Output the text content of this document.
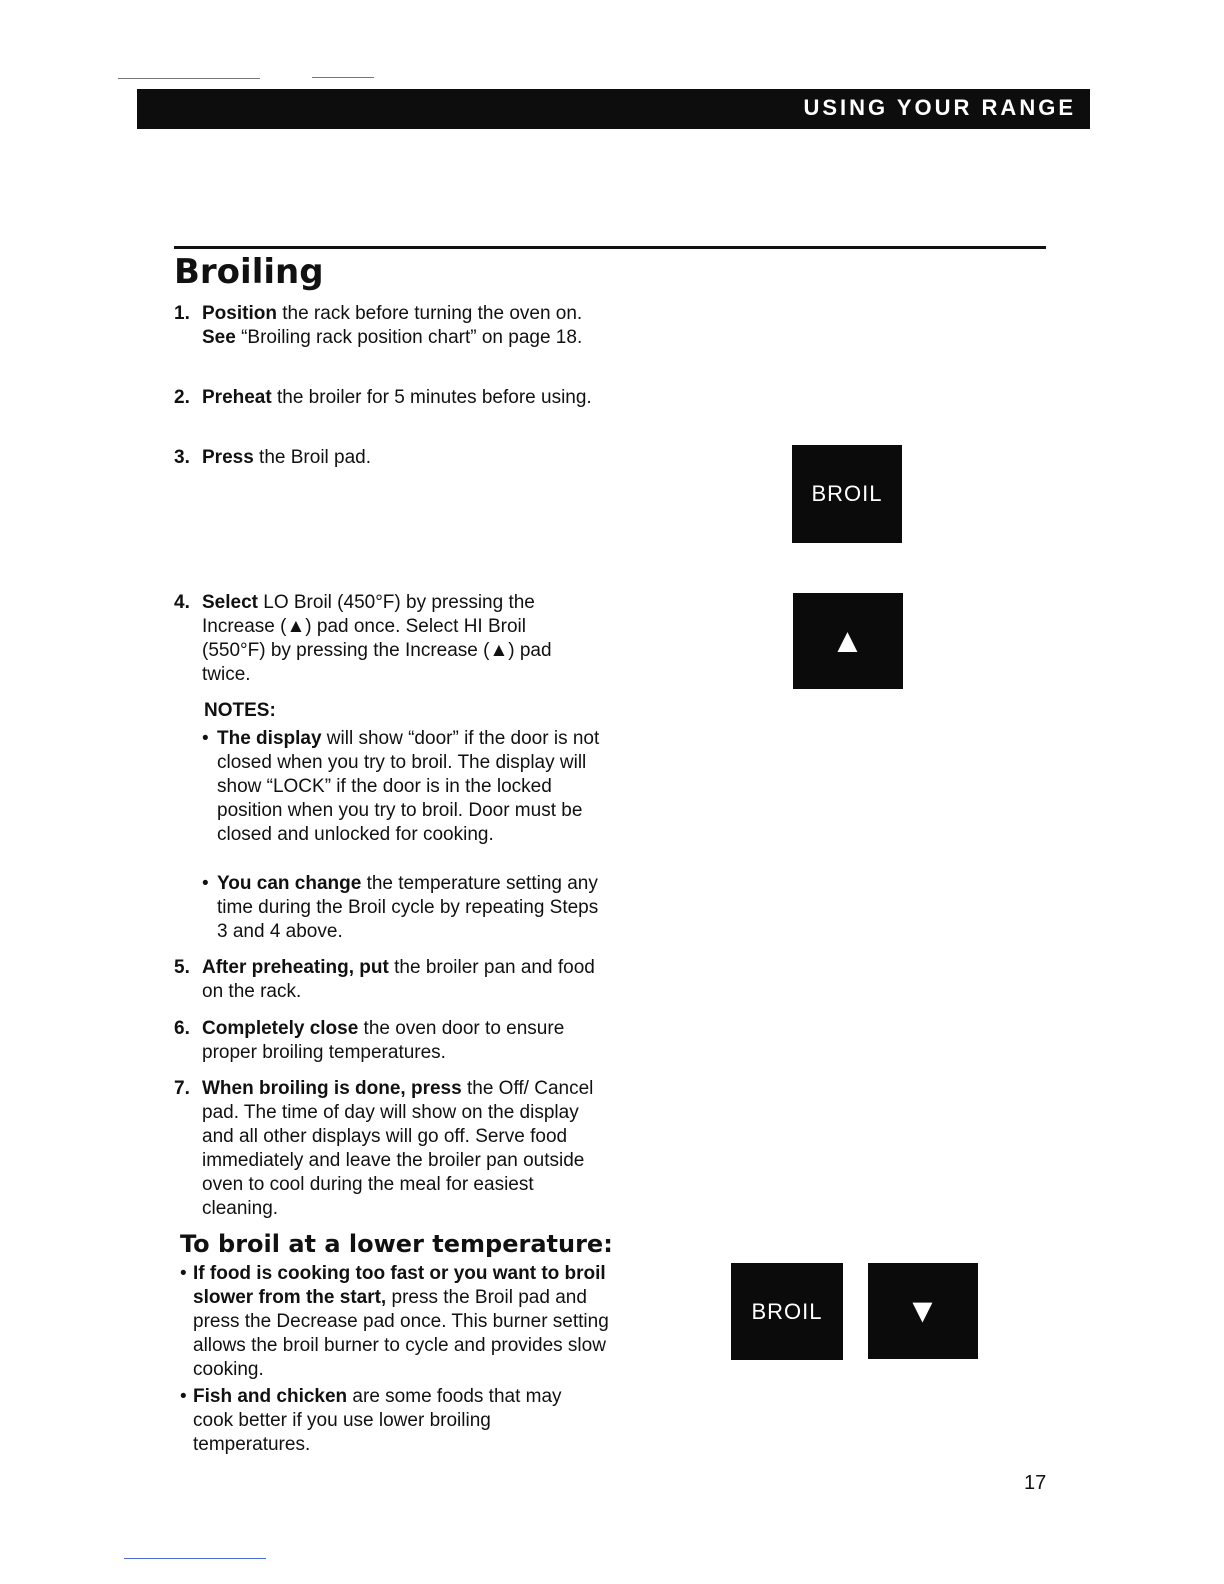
USING YOUR RANGE
Broiling
1. Position the rack before turning the oven on. See “Broiling rack position chart” on page 18.
2. Preheat the broiler for 5 minutes before using.
3. Press the Broil pad.
4. Select LO Broil (450°F) by pressing the Increase (▲) pad once. Select HI Broil (550°F) by pressing the Increase (▲) pad twice.
NOTES:
• The display will show “door” if the door is not closed when you try to broil. The display will show “LOCK” if the door is in the locked position when you try to broil. Door must be closed and unlocked for cooking.
• You can change the temperature setting any time during the Broil cycle by repeating Steps 3 and 4 above.
5. After preheating, put the broiler pan and food on the rack.
6. Completely close the oven door to ensure proper broiling temperatures.
7. When broiling is done, press the Off/ Cancel pad. The time of day will show on the display and all other displays will go off. Serve food immediately and leave the broiler pan outside oven to cool during the meal for easiest cleaning.
To broil at a lower temperature:
• If food is cooking too fast or you want to broil slower from the start, press the Broil pad and press the Decrease pad once. This burner setting allows the broil burner to cycle and provides slow cooking.
• Fish and chicken are some foods that may cook better if you use lower broiling temperatures.
BROIL
▲
BROIL	▼
17
